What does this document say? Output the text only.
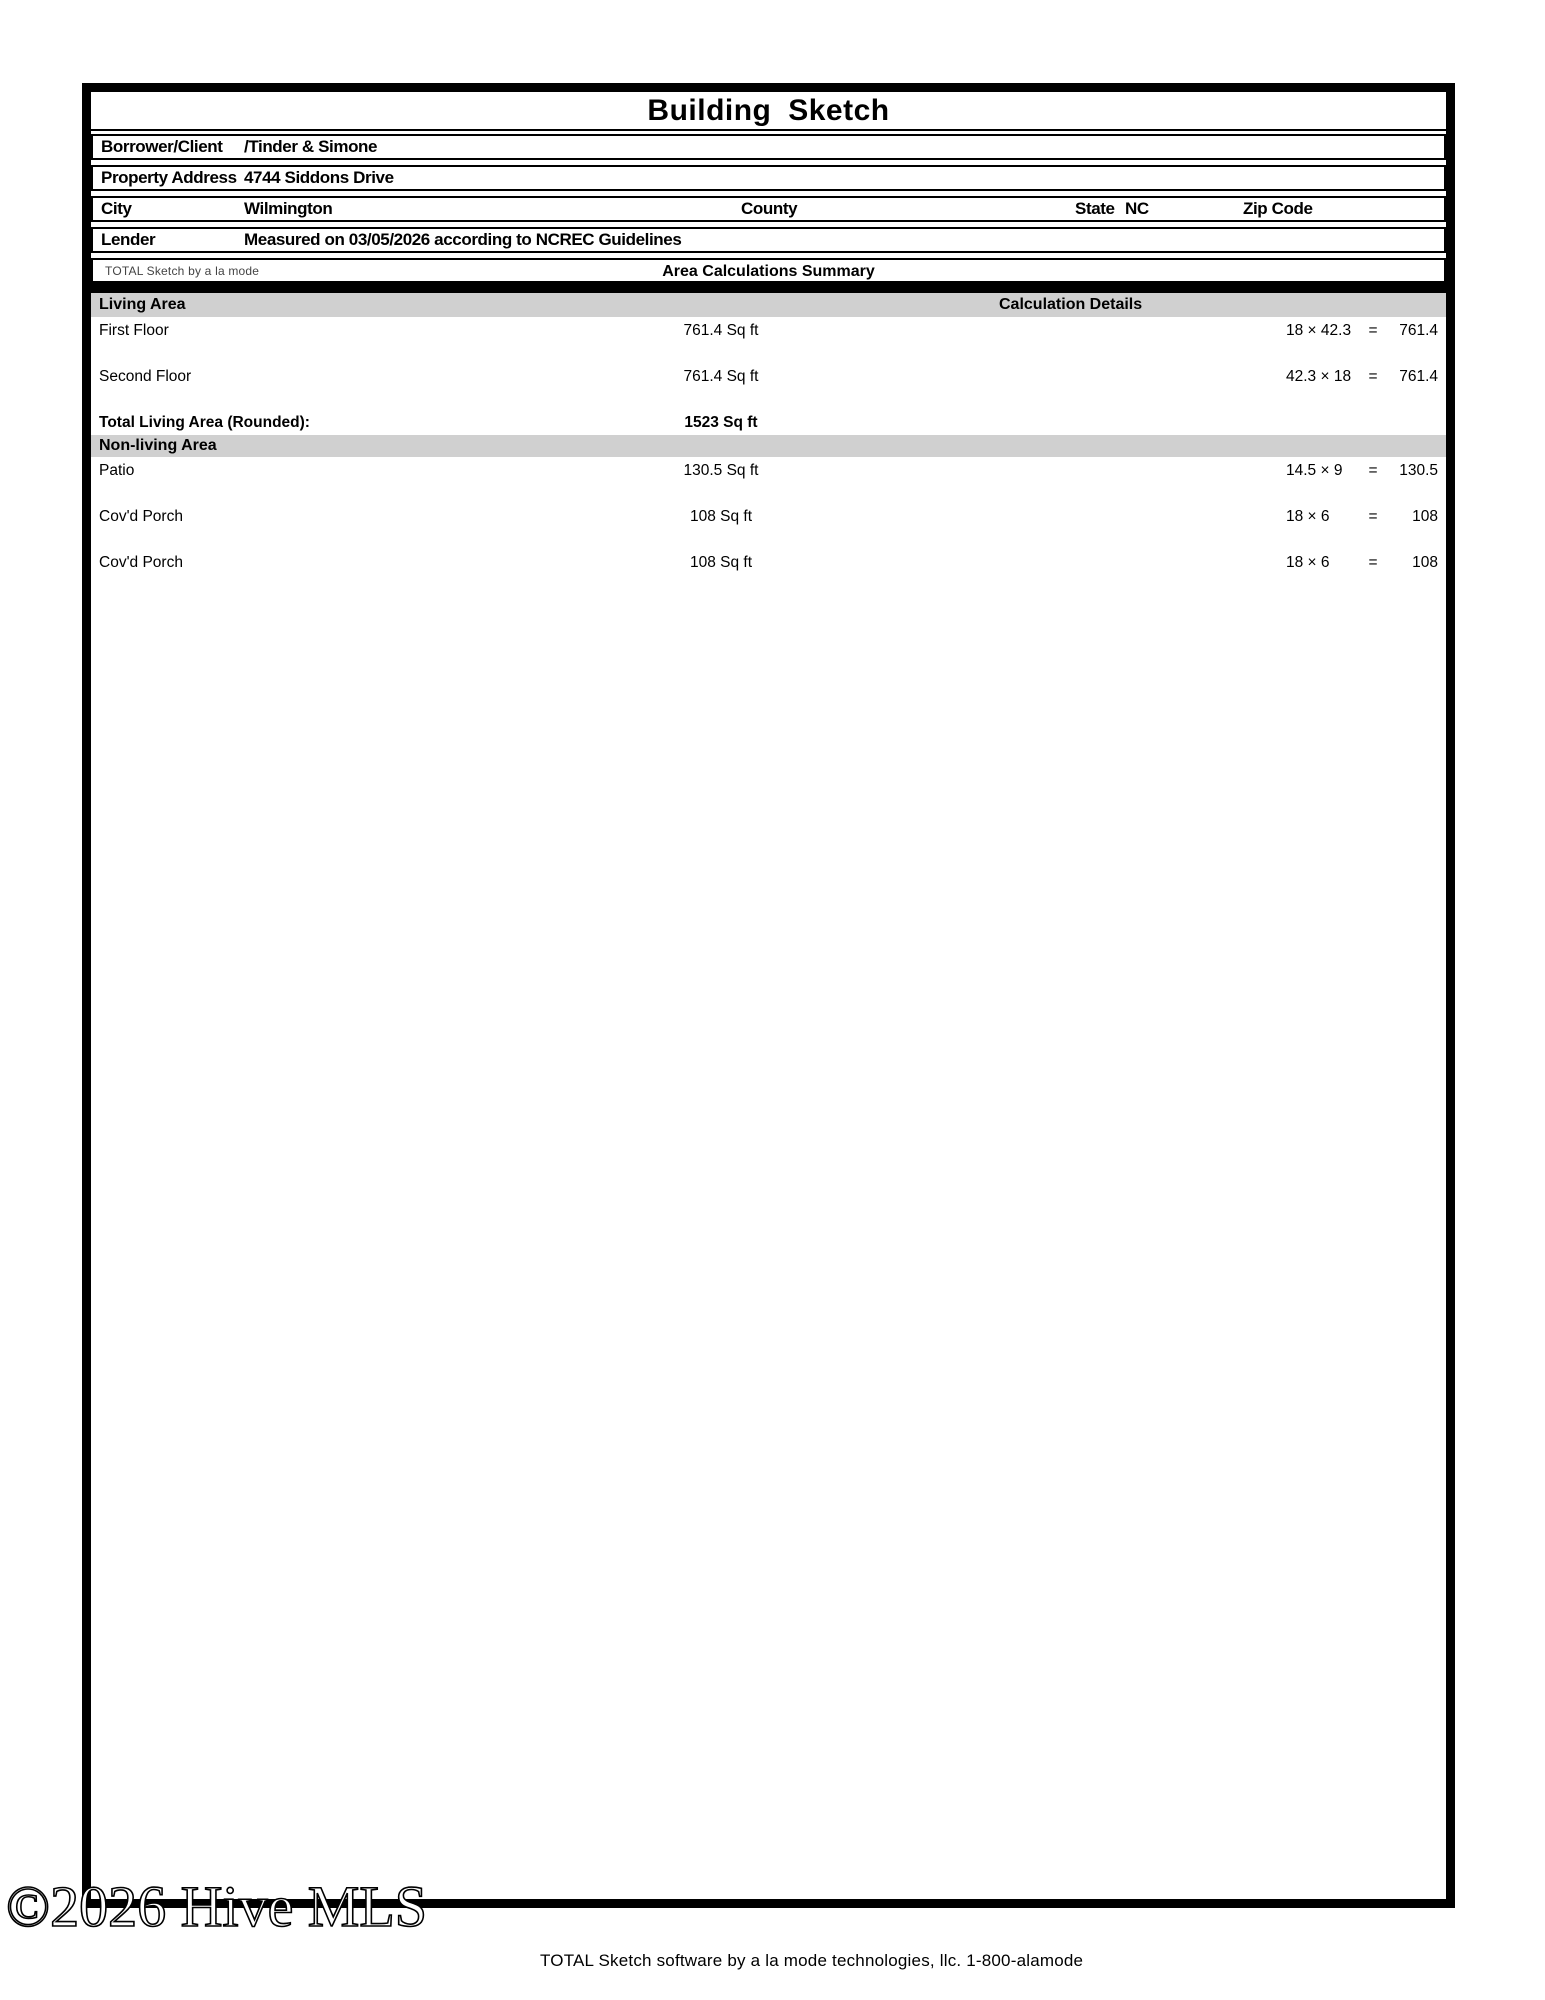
Building Sketch
Borrower/Client /Tinder & Simone
Property Address 4744 Siddons Drive
City	Wilmington	County	State NC	Zip Code
Lender	Measured on 03/05/2026 according to NCREC Guidelines
TOTAL Sketch by a la mode	Area Calculations Summary
Living Area	Calculation Details
First Floor	761.4 Sq ft	18 × 42.3	=	761.4
Second Floor	761.4 Sq ft	42.3 × 18	=	761.4
Total Living Area (Rounded):	1523 Sq ft
Non-living Area
Patio	130.5 Sq ft	14.5 × 9	=	130.5
Cov'd Porch	108 Sq ft	18 × 6	=	108
Cov'd Porch	108 Sq ft	18 × 6	=	108
©2026 Hive MLS
TOTAL Sketch software by a la mode technologies, llc. 1-800-alamode
